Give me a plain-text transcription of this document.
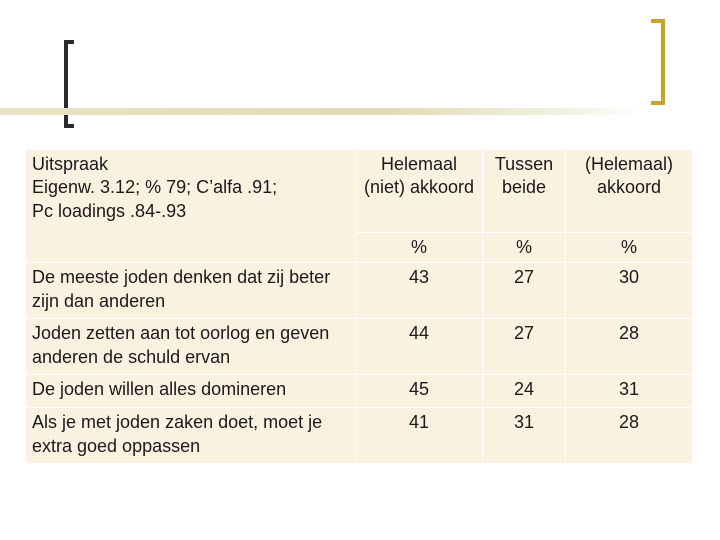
Uitspraak
Eigenw. 3.12; % 79; C’alfa .91;
Pc loadings .84-.93	Helemaal (niet) akkoord	Tussen beide	(Helemaal) akkoord
	%	%	%
De meeste joden denken dat zij beter zijn dan anderen	43	27	30
Joden zetten aan tot oorlog en geven anderen de schuld ervan	44	27	28
De joden willen alles domineren	45	24	31
Als je met joden zaken doet, moet je extra goed oppassen	41	31	28
